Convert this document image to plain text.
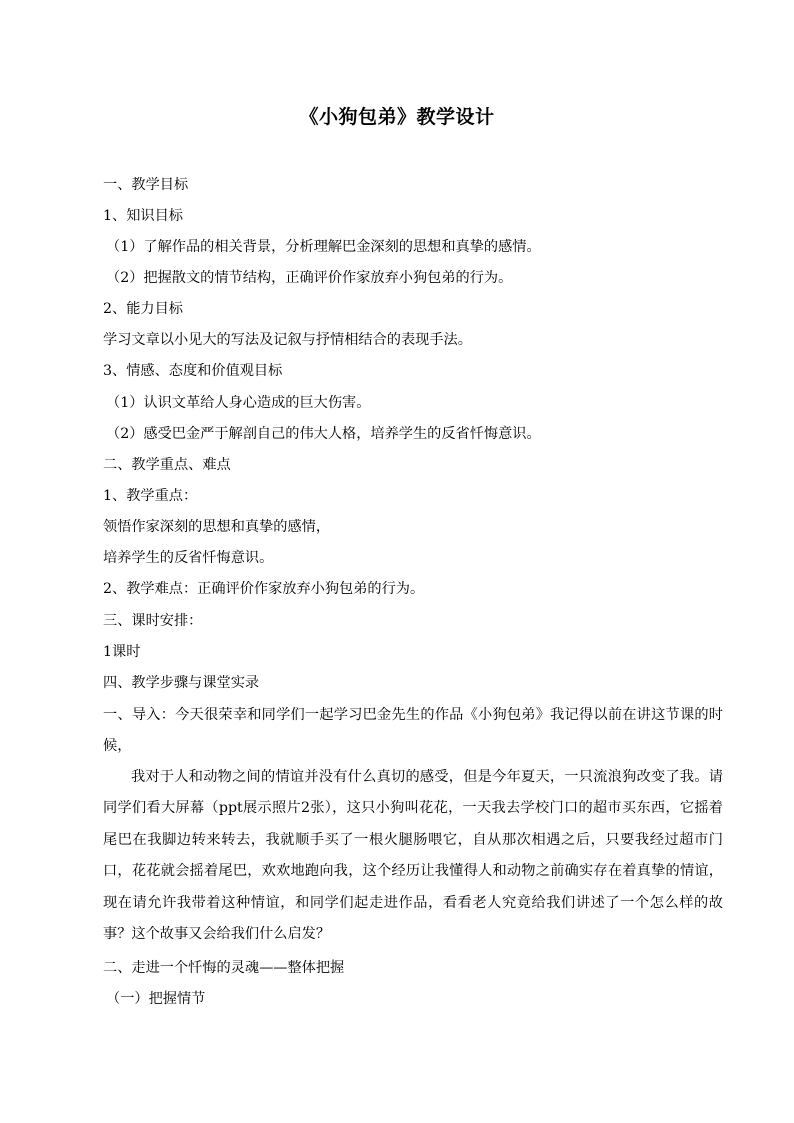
《小狗包弟》教学设计
一、教学目标
1、知识目标
（1）了解作品的相关背景，分析理解巴金深刻的思想和真挚的感情。
（2）把握散文的情节结构，正确评价作家放弃小狗包弟的行为。
2、能力目标
学习文章以小见大的写法及记叙与抒情相结合的表现手法。
3、情感、态度和价值观目标
（1）认识文革给人身心造成的巨大伤害。
（2）感受巴金严于解剖自己的伟大人格，培养学生的反省忏悔意识。
二、教学重点、难点
1、教学重点：
领悟作家深刻的思想和真挚的感情，
培养学生的反省忏悔意识。
2、教学难点：正确评价作家放弃小狗包弟的行为。
三、课时安排：
1课时
四、教学步骤与课堂实录
一、导入：今天很荣幸和同学们一起学习巴金先生的作品《小狗包弟》我记得以前在讲这节课的时候，
我对于人和动物之间的情谊并没有什么真切的感受，但是今年夏天，一只流浪狗改变了我。请同学们看大屏幕（ppt展示照片2张），这只小狗叫花花，一天我去学校门口的超市买东西，它摇着尾巴在我脚边转来转去，我就顺手买了一根火腿肠喂它，自从那次相遇之后，只要我经过超市门口，花花就会摇着尾巴，欢欢地跑向我，这个经历让我懂得人和动物之前确实存在着真挚的情谊，现在请允许我带着这种情谊，和同学们起走进作品，看看老人究竟给我们讲述了一个怎么样的故事？这个故事又会给我们什么启发？
二、走进一个忏悔的灵魂——整体把握
（一）把握情节
